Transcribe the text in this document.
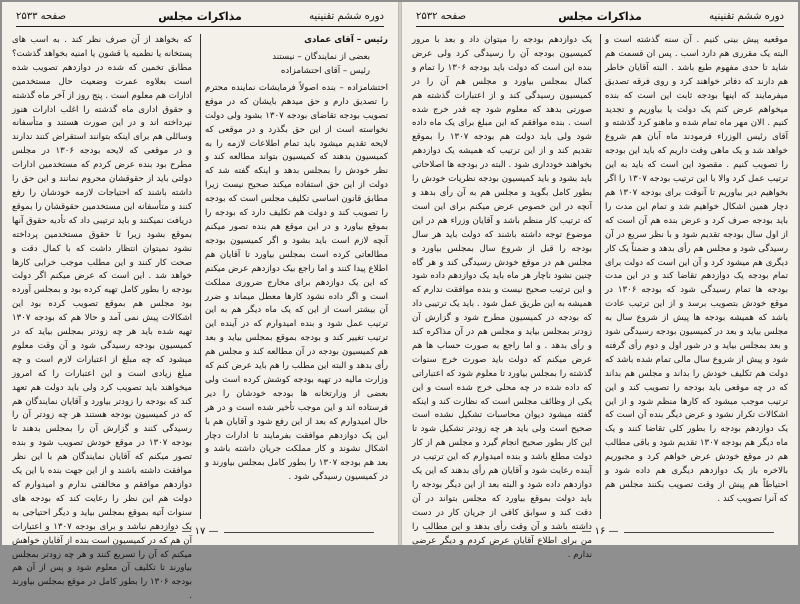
صفحه ۲۵۳۳	مذاکرات مجلس	دوره ششم تقنینیه

رئیس – آقای عمادی

بعضی از نمایندگان – نیستند
رئیس – آقای احتشامزاده

احتشامزاده – بنده اصولاً فرمایشات نماینده محترم را تصدیق دارم و حق میدهم بایشان که در موقع تصویب بودجه تقاضای بودجه ۱۳۰۷ بشود ولی دولت نخواسته است از این حق بگذرد و در موقعی که لایحه تقدیم میشود باید تمام اطلاعات لازمه را به کمیسیون بدهند که کمیسیون بتواند مطالعه کند و نظر خودش را بمجلس بدهد و اینکه گفته شد که دولت از این حق استفاده میکند صحیح نیست زیرا مطابق قانون اساسی تکلیف مجلس است که بودجه را تصویب کند و دولت هم تکلیف دارد که بودجه را بموقع بیاورد و در این موقع هم بنده تصور میکنم آنچه لازم است باید بشود و اگر کمیسیون بودجه مطالعاتی کرده است بمجلس بیاورد تا آقایان هم اطلاع پیدا کنند و اما راجع بیک دوازدهم عرض میکنم که این یک دوازدهم برای مخارج ضروری مملکت است و اگر داده نشود کارها معطل میماند و ضرر آن بیشتر است از این که یک ماه دیگر هم به این ترتیب عمل شود و بنده امیدوارم که در آینده این ترتیب تغییر کند و بودجه بموقع بمجلس بیاید و بعد هم کمیسیون بودجه در آن مطالعه کند و مجلس هم رأی بدهد و البته این مطلب را هم باید عرض کنم که وزارت مالیه در تهیه بودجه کوشش کرده است ولی بعضی از وزارتخانه ها بودجه خودشان را دیر فرستاده اند و این موجب تأخیر شده است و در هر حال امیدوارم که بعد از این رفع شود و آقایان هم با این یک دوازدهم موافقت بفرمایند تا ادارات دچار اشکال نشوند و کار مملکت جریان داشته باشد و بعد هم بودجه ۱۳۰۷ را بطور کامل بمجلس بیاورند و در کمیسیون رسیدگی شود .

که بخواهد از آن صرف نظر کند . به اسب های پستخانه یا نظمیه یا قشون یا امنیه بخواهد گذشت؟ مطابق تخمین که شده در دوازدهم تصویب شده است بعلاوه عمرت وضعیت حال مستخدمین ادارات هم معلوم است . پنج روز از آخر ماه گذشته و حقوق اداری ماه گذشته را اغلب ادارات هنوز نپرداخته اند و در این صورت هستند و متأسفانه وسائلی هم برای اینکه بتوانند استقراض کنند ندارند و در موقعی که لایحه بودجه ۱۳۰۶ در مجلس مطرح بود بنده عرض کردم که مستخدمین ادارات دولتی باید از حقوقشان محروم نمانند و این حق را داشته باشند که احتیاجات لازمه خودشان را رفع کنند و متأسفانه این مستخدمین حقوقشان را بموقع دریافت نمیکنند و باید ترتیبی داد که تأدیه حقوق آنها بموقع بشود زیرا تا حقوق مستخدمین پرداخته نشود نمیتوان انتظار داشت که با کمال دقت و صحت کار کنند و این مطلب موجب خرابی کارها خواهد شد . این است که عرض میکنم اگر دولت بودجه را بطور کامل تهیه کرده بود و بمجلس آورده بود مجلس هم بموقع تصویب کرده بود این اشکالات پیش نمی آمد و حالا هم که بودجه ۱۳۰۷ تهیه شده باید هر چه زودتر بمجلس بیاید که در کمیسیون بودجه رسیدگی شود و آن وقت معلوم میشود که چه مبلغ از اعتبارات لازم است و چه مبلغ زیادی است و این اعتبارات را که امروز میخواهند باید تصویب کرد ولی باید دولت هم تعهد کند که بودجه را زودتر بیاورد و آقایان نمایندگان هم که در کمیسیون بودجه هستند هر چه زودتر آن را رسیدگی کنند و گزارش آن را بمجلس بدهند تا بودجه ۱۳۰۷ در موقع خودش تصویب شود و بنده تصور میکنم که آقایان نمایندگان هم با این نظر موافقت داشته باشند و از این جهت بنده با این یک دوازدهم موافقم و مخالفتی ندارم و امیدوارم که دولت هم این نظر را رعایت کند که بودجه های سنوات آتیه بموقع بمجلس بیاید و دیگر احتیاجی به یک دوازدهم نباشد و برای بودجه ۱۳۰۷ و اعتبارات آن هم که در کمیسیون است بنده از آقایان خواهش میکنم که آن را تسریع کنند و هر چه زودتر بمجلس بیاورند تا تکلیف آن معلوم شود و پس از آن هم بودجه ۱۳۰۶ را بطور کامل در موقع بمجلس بیاورند .

— ۱۷ —
صفحه ۲۵۳۲	مذاکرات مجلس	دوره ششم تقنینیه

موقعیه پیش بینی کنیم . آن سنه گذشته است و البته یک مقرری هم دارد اسب . پس ان قسمت هم شاید تا حدی مفهوم طبع باشد . البته آقایان خاطر هم دارند که دفاتر خواهند کرد و روی فرقه تصدیق میفرمایند که اینها بودجه ثابت این است که بنده میخواهم عرض کنم یک دولت یا بیاوریم و تجدید کنیم . الان مهر ماه تمام شده و ماهنو کرد گذشته و آقای رئیس الوزراء فرمودند ماه آبان هم شروع خواهد شد و یک ماهی وقت داریم که باید این بودجه را تصویب کنیم . مقصود این است که باید به این ترتیب عمل کرد والا با این ترتیب بودجه ۱۳۰۷ را اگر بخواهیم دیر بیاوریم تا آنوقت برای بودجه ۱۳۰۷ هم دچار همین اشکال خواهیم شد و تمام این مدت را باید بودجه صرف کرد و عرض بنده هم آن است که از اول سال بودجه تقدیم شود و با نظر سریع در آن رسیدگی شود و مجلس هم رأی بدهد و ضمناً یک کار دیگری هم میشود کرد و آن این است که دولت برای تمام بودجه یک دوازدهم تقاضا کند و در این مدت بودجه ها تمام رسیدگی شود که بودجه ۱۳۰۶ در موقع خودش بتصویب برسد و از این ترتیب عادت باشد که همیشه بودجه ها پیش از شروع سال به مجلس بیاید و بعد در کمیسیون بودجه رسیدگی شود و بعد بمجلس بیاید و در شور اول و دوم رأی گرفته شود و پیش از شروع سال مالی تمام شده باشد که دولت هم تکلیف خودش را بداند و مجلس هم بداند که در چه موقعی باید بودجه را تصویب کند و این ترتیب موجب میشود که کارها منظم شود و از این اشکالات تکرار نشود و عرض دیگر بنده آن است که یک دوازدهم بودجه را بطور کلی تقاضا کنند و یک ماه دیگر هم بودجه ۱۳۰۷ تقدیم شود و باقی مطالب هم در موقع خودش عرض خواهم کرد و مجبوریم بالاخره باز یک دوازدهم دیگری هم داده شود و احتیاطاً هم پیش از وقت تصویب بکنند مجلس هم که آنرا تصویب کند .

یک دوازدهم بودجه را میتوان داد و بعد با مرور کمیسیون بودجه آن را رسیدگی کرد ولی عرض بنده این است که دولت باید بودجه ۱۳۰۶ را تمام و کمال بمجلس بیاورد و مجلس هم آن را در کمیسیون رسیدگی کند و از اعتبارات گذشته هم صورتی بدهد که معلوم شود چه قدر خرج شده است . بنده موافقم که این مبلغ برای یک ماه داده شود ولی باید دولت هم بودجه ۱۳۰۷ را بموقع تقدیم کند و از این ترتیب که همیشه یک دوازدهم بخواهند خودداری شود . البته در بودجه ها اصلاحاتی باید بشود و باید کمیسیون بودجه نظریات خودش را بطور کامل بگوید و مجلس هم به آن رأی بدهد و آنچه در این خصوص عرض میکنم برای این است که ترتیب کار منظم باشد و آقایان وزراء هم در این موضوع توجه داشته باشند که دولت باید هر سال بودجه را قبل از شروع سال بمجلس بیاورد و مجلس هم در موقع خودش رسیدگی کند و هر گاه چنین نشود ناچار هر ماه باید یک دوازدهم داده شود و این ترتیب صحیح نیست و بنده موافقت ندارم که همیشه به این طریق عمل شود . باید یک ترتیبی داد که بودجه در کمیسیون مطرح شود و گزارش آن زودتر بمجلس بیاید و مجلس هم در آن مذاکره کند و رأی بدهد . و اما راجع به صورت حساب ها هم عرض میکنم که دولت باید صورت خرج سنوات گذشته را بمجلس بیاورد تا معلوم شود که اعتباراتی که داده شده در چه محلی خرج شده است و این یکی از وظائف مجلس است که نظارت کند و اینکه گفته میشود دیوان محاسبات تشکیل نشده است صحیح است ولی باید هر چه زودتر تشکیل شود تا این کار بطور صحیح انجام گیرد و مجلس هم از کار دولت مطلع باشد و بنده امیدوارم که این ترتیب در آینده رعایت شود و آقایان هم رأی بدهند که این یک دوازدهم داده شود و البته بعد از این دیگر بودجه را باید دولت بموقع بیاورد که مجلس بتواند در آن دقت کند و سوابق کافی از جریان کار در دست داشته باشد و آن وقت رأی بدهد و این مطالب را من برای اطلاع آقایان عرض کردم و دیگر عرضی ندارم .

— ۱۶ —
